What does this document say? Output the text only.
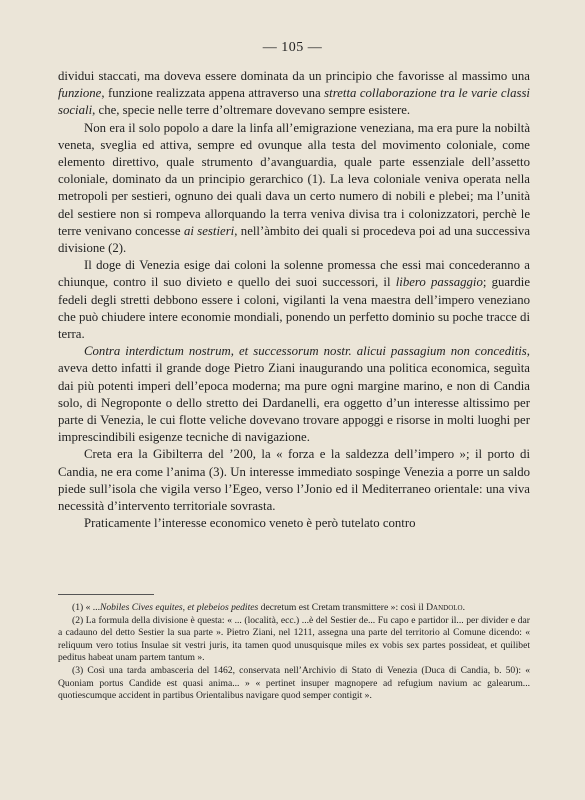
— 105 —

dividui staccati, ma doveva essere dominata da un principio che favorisse al massimo una funzione, funzione realizzata appena attraverso una stretta collaborazione tra le varie classi sociali, che, specie nelle terre d’oltremare dovevano sempre esistere.

Non era il solo popolo a dare la linfa all’emigrazione veneziana, ma era pure la nobiltà veneta, sveglia ed attiva, sempre ed ovunque alla testa del movimento coloniale, come elemento direttivo, quale strumento d’avanguardia, quale parte essenziale dell’assetto coloniale, dominato da un principio gerarchico (1). La leva coloniale veniva operata nella metropoli per sestieri, ognuno dei quali dava un certo numero di nobili e plebei; ma l’unità del sestiere non si rompeva allorquando la terra veniva divisa tra i colonizzatori, perchè le terre venivano concesse ai sestieri, nell’àmbito dei quali si procedeva poi ad una successiva divisione (2).

Il doge di Venezia esige dai coloni la solenne promessa che essi mai concederanno a chiunque, contro il suo divieto e quello dei suoi successori, il libero passaggio; guardie fedeli degli stretti debbono essere i coloni, vigilanti la vena maestra dell’impero veneziano che può chiudere intere economie mondiali, ponendo un perfetto dominio su poche tracce di terra.

Contra interdictum nostrum, et successorum nostr. alicui passagium non conceditis, aveva detto infatti il grande doge Pietro Ziani inaugurando una politica economica, seguìta dai più potenti imperi dell’epoca moderna; ma pure ogni margine marino, e non di Candia solo, di Negroponte o dello stretto dei Dardanelli, era oggetto d’un interesse altissimo per parte di Venezia, le cui flotte veliche dovevano trovare appoggi e risorse in molti luoghi per imprescindibili esigenze tecniche di navigazione.

Creta era la Gibilterra del ’200, la « forza e la saldezza dell’impero »; il porto di Candia, ne era come l’anima (3). Un interesse immediato sospinge Venezia a porre un saldo piede sull’isola che vigila verso l’Egeo, verso l’Jonio ed il Mediterraneo orientale: una viva necessità d’intervento territoriale sovrasta.

Praticamente l’interesse economico veneto è però tutelato contro

(1) « ...Nobiles Cives equites, et plebeios pedites decretum est Cretam transmittere »: così il Dandolo.

(2) La formula della divisione è questa: « ... (località, ecc.) ...è del Sestier de... Fu capo e partidor il... per divider e dar a cadauno del detto Sestier la sua parte ». Pietro Ziani, nel 1211, assegna una parte del territorio al Comune dicendo: « reliquum vero totius Insulae sit vestri juris, ita tamen quod unusquisque miles ex vobis sex partes possideat, et quilibet peditus habeat unam partem tantum ».

(3) Così una tarda ambasceria del 1462, conservata nell’Archivio di Stato di Venezia (Duca di Candia, b. 50): « Quoniam portus Candide est quasi anima... » « pertinet insuper magnopere ad refugium navium ac galearum... quotiescumque accident in partibus Orientalibus navigare quod semper contigit ».
